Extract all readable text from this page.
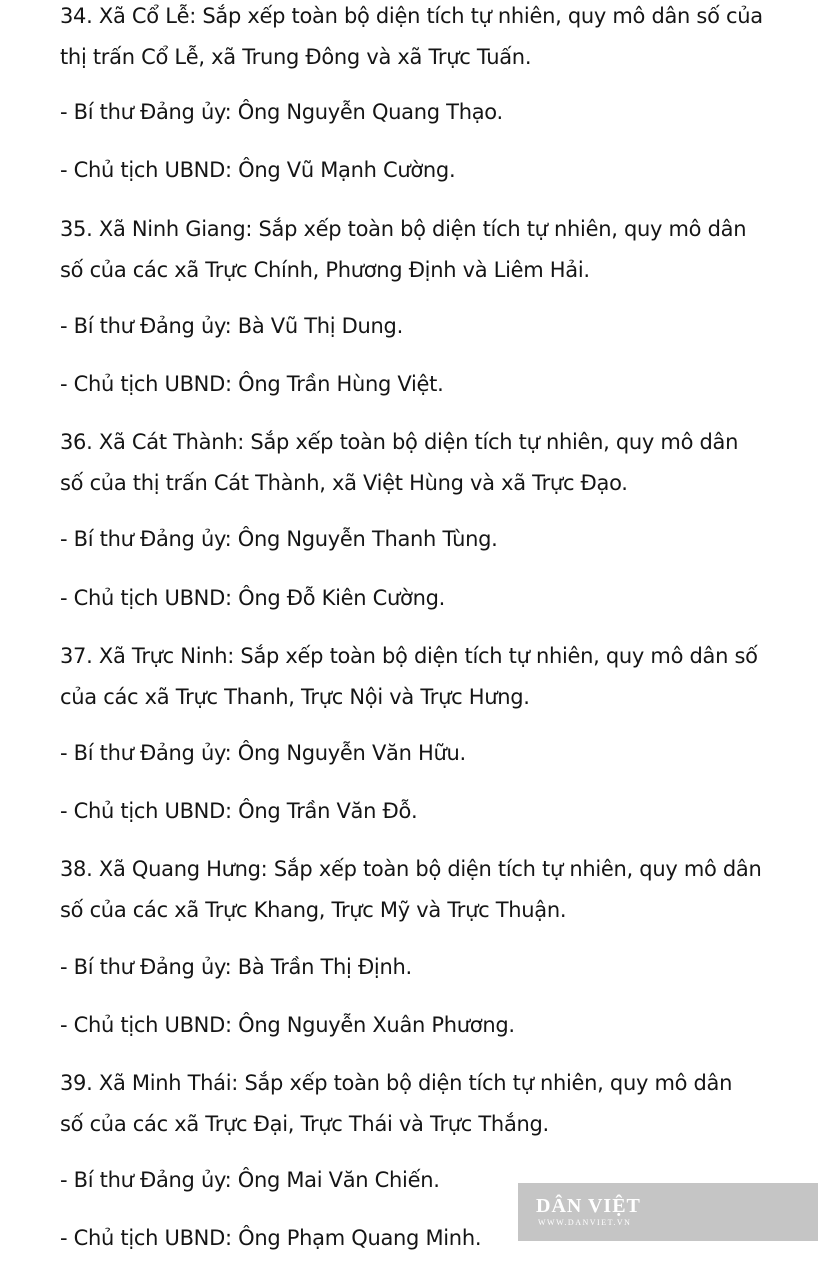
34. Xã Cổ Lễ: Sắp xếp toàn bộ diện tích tự nhiên, quy mô dân số của
thị trấn Cổ Lễ, xã Trung Đông và xã Trực Tuấn.
- Bí thư Đảng ủy: Ông Nguyễn Quang Thạo.
- Chủ tịch UBND: Ông Vũ Mạnh Cường.
35. Xã Ninh Giang: Sắp xếp toàn bộ diện tích tự nhiên, quy mô dân
số của các xã Trực Chính, Phương Định và Liêm Hải.
- Bí thư Đảng ủy: Bà Vũ Thị Dung.
- Chủ tịch UBND: Ông Trần Hùng Việt.
36. Xã Cát Thành: Sắp xếp toàn bộ diện tích tự nhiên, quy mô dân
số của thị trấn Cát Thành, xã Việt Hùng và xã Trực Đạo.
- Bí thư Đảng ủy: Ông Nguyễn Thanh Tùng.
- Chủ tịch UBND: Ông Đỗ Kiên Cường.
37. Xã Trực Ninh: Sắp xếp toàn bộ diện tích tự nhiên, quy mô dân số
của các xã Trực Thanh, Trực Nội và Trực Hưng.
- Bí thư Đảng ủy: Ông Nguyễn Văn Hữu.
- Chủ tịch UBND: Ông Trần Văn Đỗ.
38. Xã Quang Hưng: Sắp xếp toàn bộ diện tích tự nhiên, quy mô dân
số của các xã Trực Khang, Trực Mỹ và Trực Thuận.
- Bí thư Đảng ủy: Bà Trần Thị Định.
- Chủ tịch UBND: Ông Nguyễn Xuân Phương.
39. Xã Minh Thái: Sắp xếp toàn bộ diện tích tự nhiên, quy mô dân
số của các xã Trực Đại, Trực Thái và Trực Thắng.
- Bí thư Đảng ủy: Ông Mai Văn Chiến.
- Chủ tịch UBND: Ông Phạm Quang Minh.
DÂN VIỆT
WWW.DANVIET.VN
